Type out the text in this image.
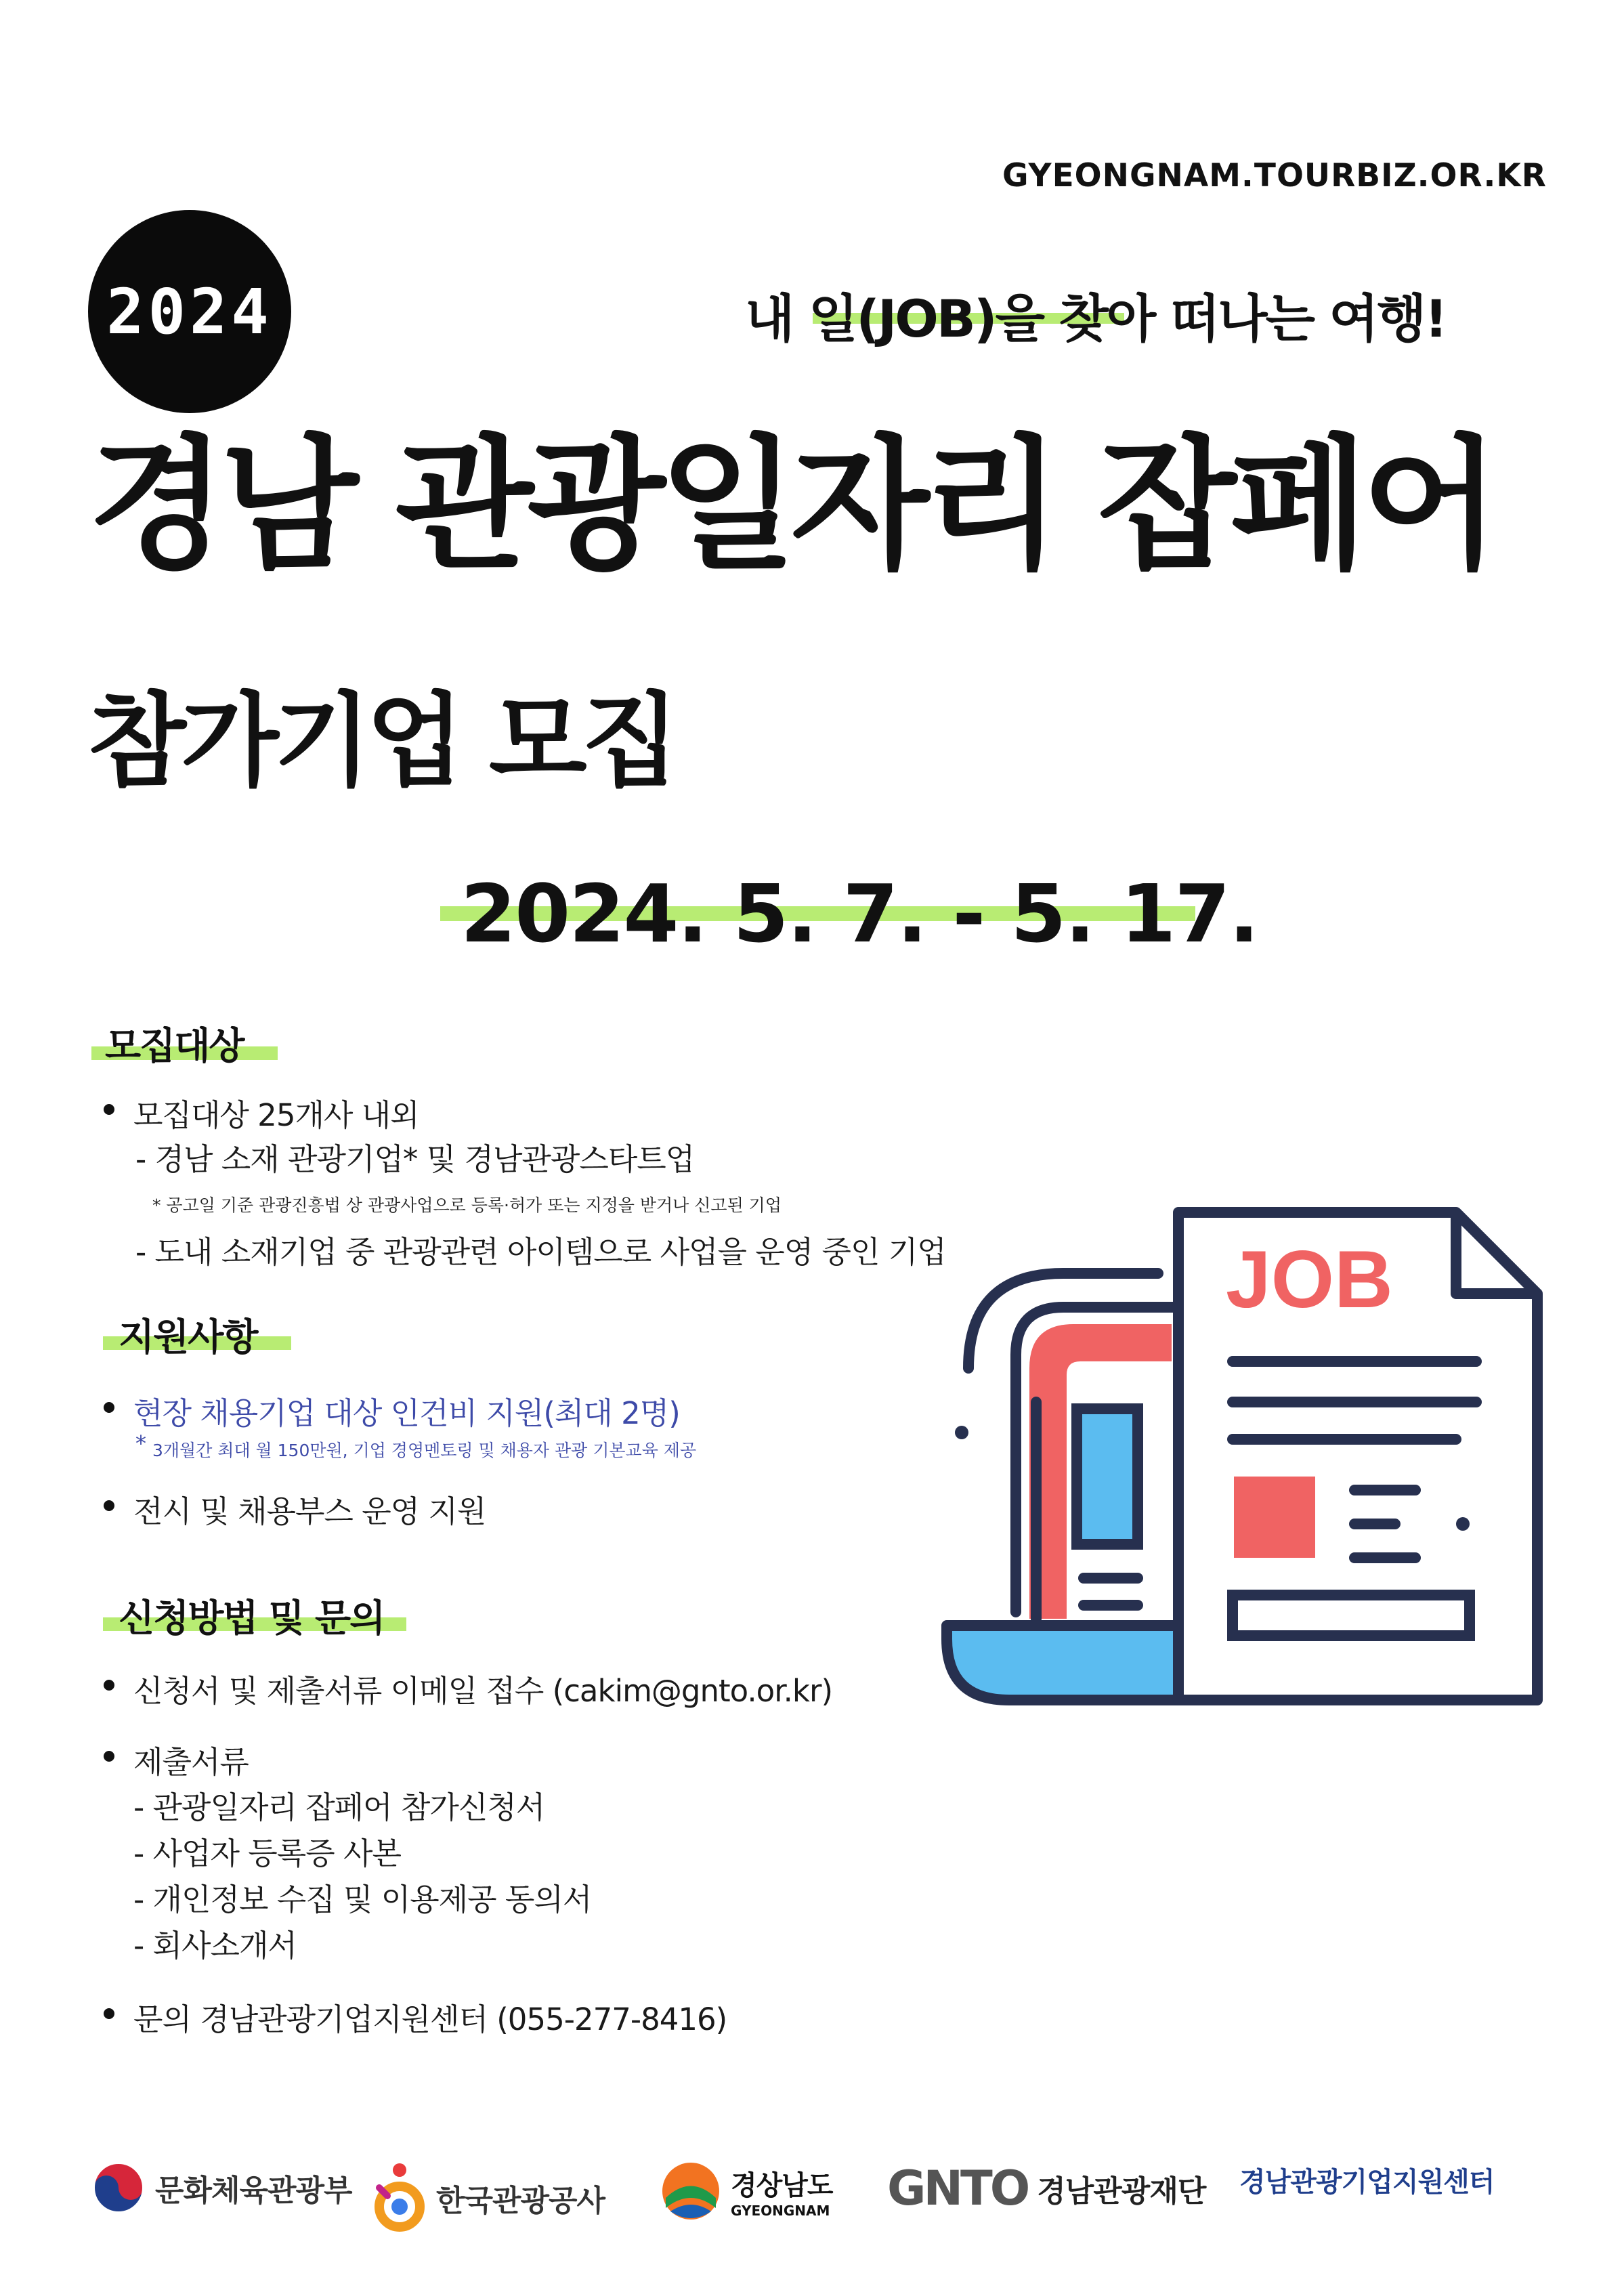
GYEONGNAM.TOURBIZ.OR.KR
2024	내 일(JOB)을 찾아 떠나는 여행!
경남 관광일자리 잡페어
참가기업 모집
2024. 5. 7. - 5. 17.
모집대상
모집대상 25개사 내외
- 경남 소재 관광기업* 및 경남관광스타트업
* 공고일 기준 관광진흥법 상 관광사업으로 등록·허가 또는 지정을 받거나 신고된 기업
- 도내 소재기업 중 관광관련 아이템으로 사업을 운영 중인 기업
지원사항
현장 채용기업 대상 인건비 지원(최대 2명)
* 3개월간 최대 월 150만원, 기업 경영멘토링 및 채용자 관광 기본교육 제공
전시 및 채용부스 운영 지원
신청방법 및 문의
신청서 및 제출서류 이메일 접수 (cakim@gnto.or.kr)
제출서류
- 관광일자리 잡페어 참가신청서
- 사업자 등록증 사본
- 개인정보 수집 및 이용제공 동의서
- 회사소개서
문의 경남관광기업지원센터 (055-277-8416)
JOB
문화체육관광부	한국관광공사	경상남도
GYEONGNAM GNTO 경남관광재단 경남관광기업지원센터
